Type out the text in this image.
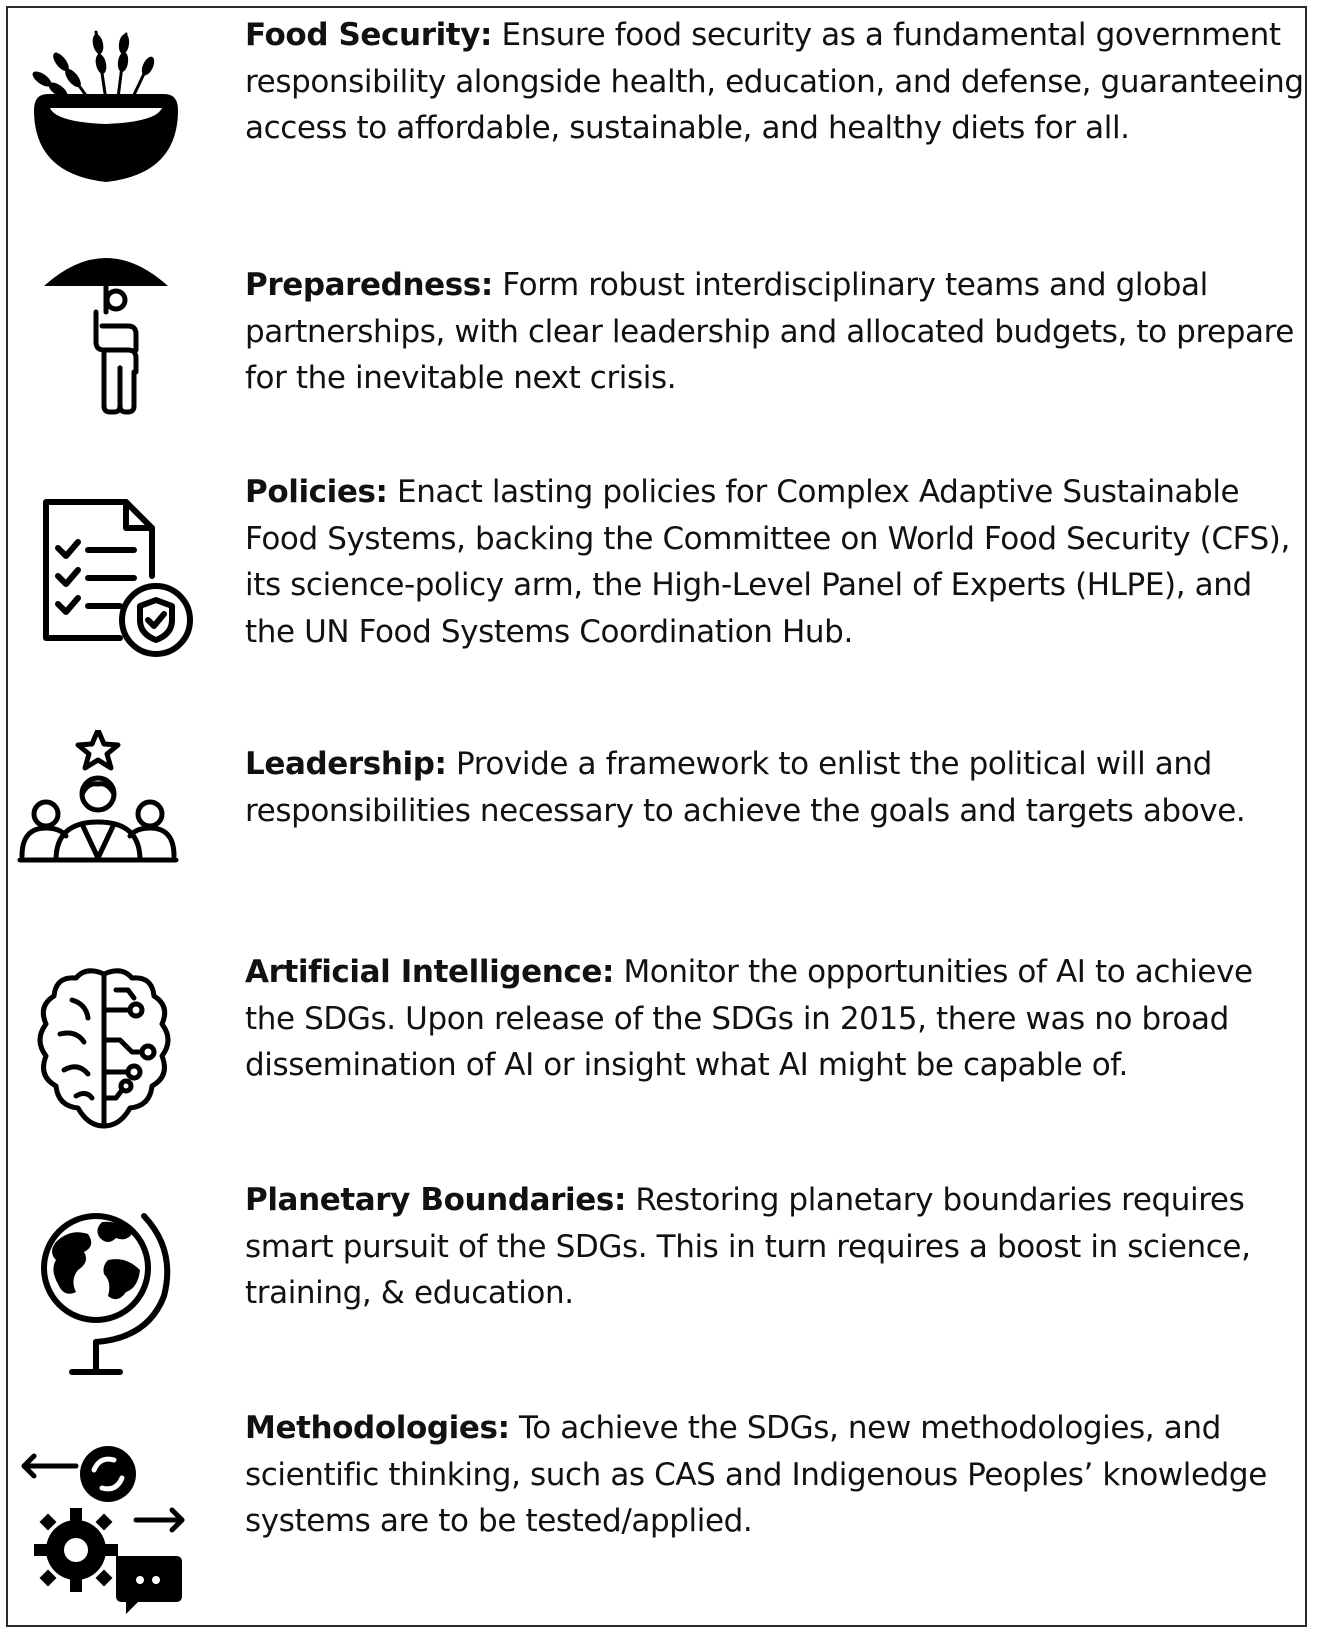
Food Security: Ensure food security as a fundamental government responsibility alongside health, education, and defense, guaranteeing access to affordable, sustainable, and healthy diets for all.

Preparedness: Form robust interdisciplinary teams and global partnerships, with clear leadership and allocated budgets, to prepare for the inevitable next crisis.

Policies: Enact lasting policies for Complex Adaptive Sustainable Food Systems, backing the Committee on World Food Security (CFS), its science-policy arm, the High-Level Panel of Experts (HLPE), and the UN Food Systems Coordination Hub.

Leadership: Provide a framework to enlist the political will and responsibilities necessary to achieve the goals and targets above.

Artificial Intelligence: Monitor the opportunities of AI to achieve the SDGs. Upon release of the SDGs in 2015, there was no broad dissemination of AI or insight what AI might be capable of.

Planetary Boundaries: Restoring planetary boundaries requires smart pursuit of the SDGs. This in turn requires a boost in science, training, & education.

Methodologies: To achieve the SDGs, new methodologies, and scientific thinking, such as CAS and Indigenous Peoples’ knowledge systems are to be tested/applied.
